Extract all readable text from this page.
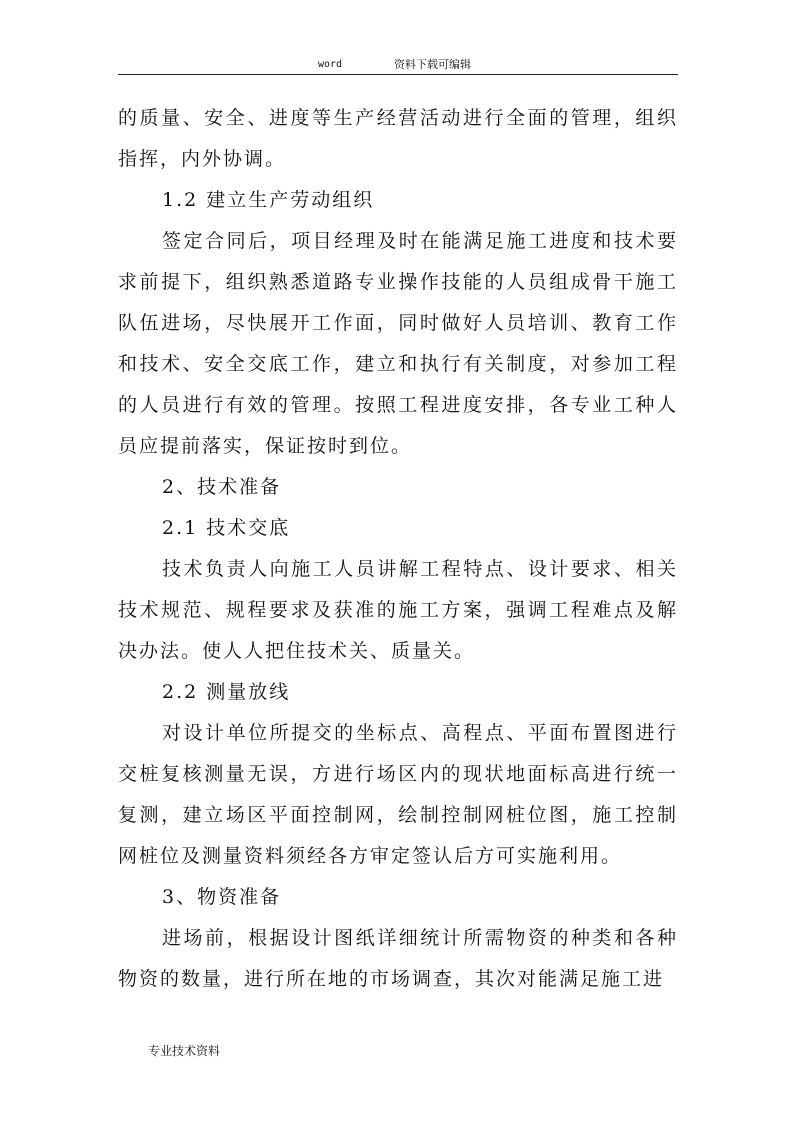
word	资料下载可编辑

的质量、安全、进度等生产经营活动进行全面的管理，组织指挥，内外协调。

1.2 建立生产劳动组织

签定合同后，项目经理及时在能满足施工进度和技术要求前提下，组织熟悉道路专业操作技能的人员组成骨干施工队伍进场，尽快展开工作面，同时做好人员培训、教育工作和技术、安全交底工作，建立和执行有关制度，对参加工程的人员进行有效的管理。按照工程进度安排，各专业工种人员应提前落实，保证按时到位。

2、技术准备

2.1 技术交底

技术负责人向施工人员讲解工程特点、设计要求、相关技术规范、规程要求及获准的施工方案，强调工程难点及解决办法。使人人把住技术关、质量关。

2.2 测量放线

对设计单位所提交的坐标点、高程点、平面布置图进行交桩复核测量无误，方进行场区内的现状地面标高进行统一复测，建立场区平面控制网，绘制控制网桩位图，施工控制网桩位及测量资料须经各方审定签认后方可实施利用。

3、物资准备

进场前，根据设计图纸详细统计所需物资的种类和各种物资的数量，进行所在地的市场调查，其次对能满足施工进

专业技术资料
